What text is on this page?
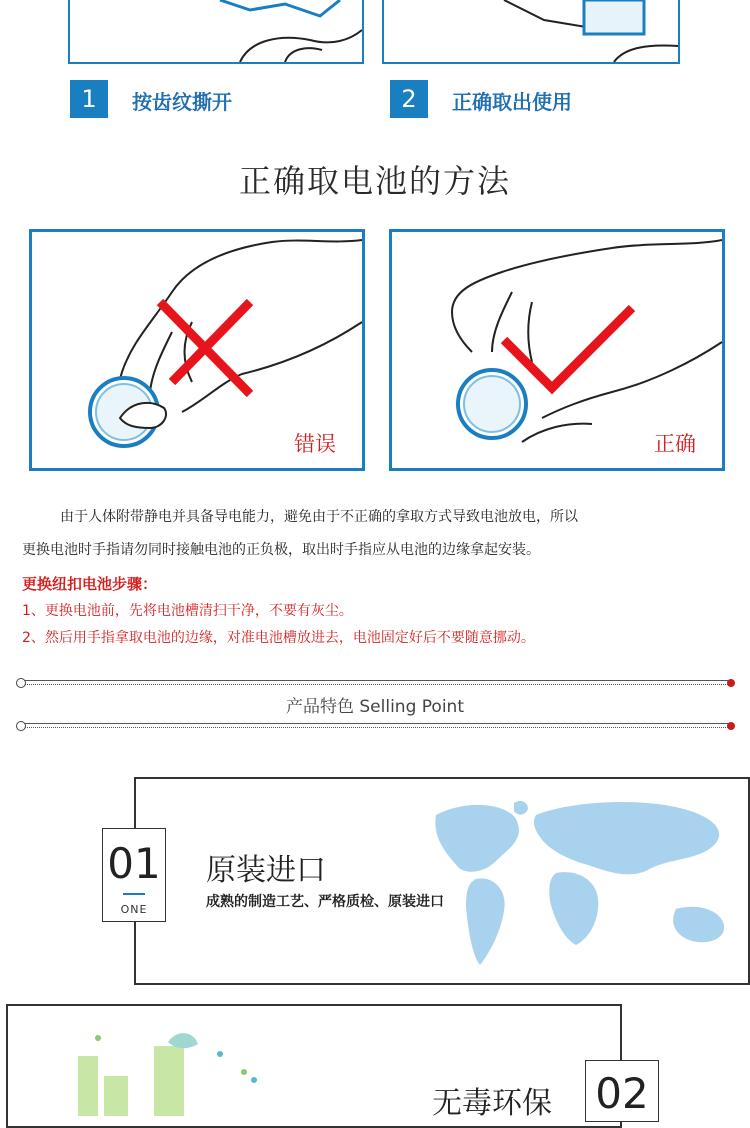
1	按齿纹撕开	2	正确取出使用
正确取电池的方法
错误	正确
由于人体附带静电并具备导电能力，避免由于不正确的拿取方式导致电池放电，所以
更换电池时手指请勿同时接触电池的正负极，取出时手指应从电池的边缘拿起安装。
更换纽扣电池步骤：
1、更换电池前，先将电池槽清扫干净，不要有灰尘。
2、然后用手指拿取电池的边缘，对准电池槽放进去，电池固定好后不要随意挪动。
产品特色 Selling Point
原装进口
成熟的制造工艺、严格质检、原装进口
01
ONE
无毒环保 02
